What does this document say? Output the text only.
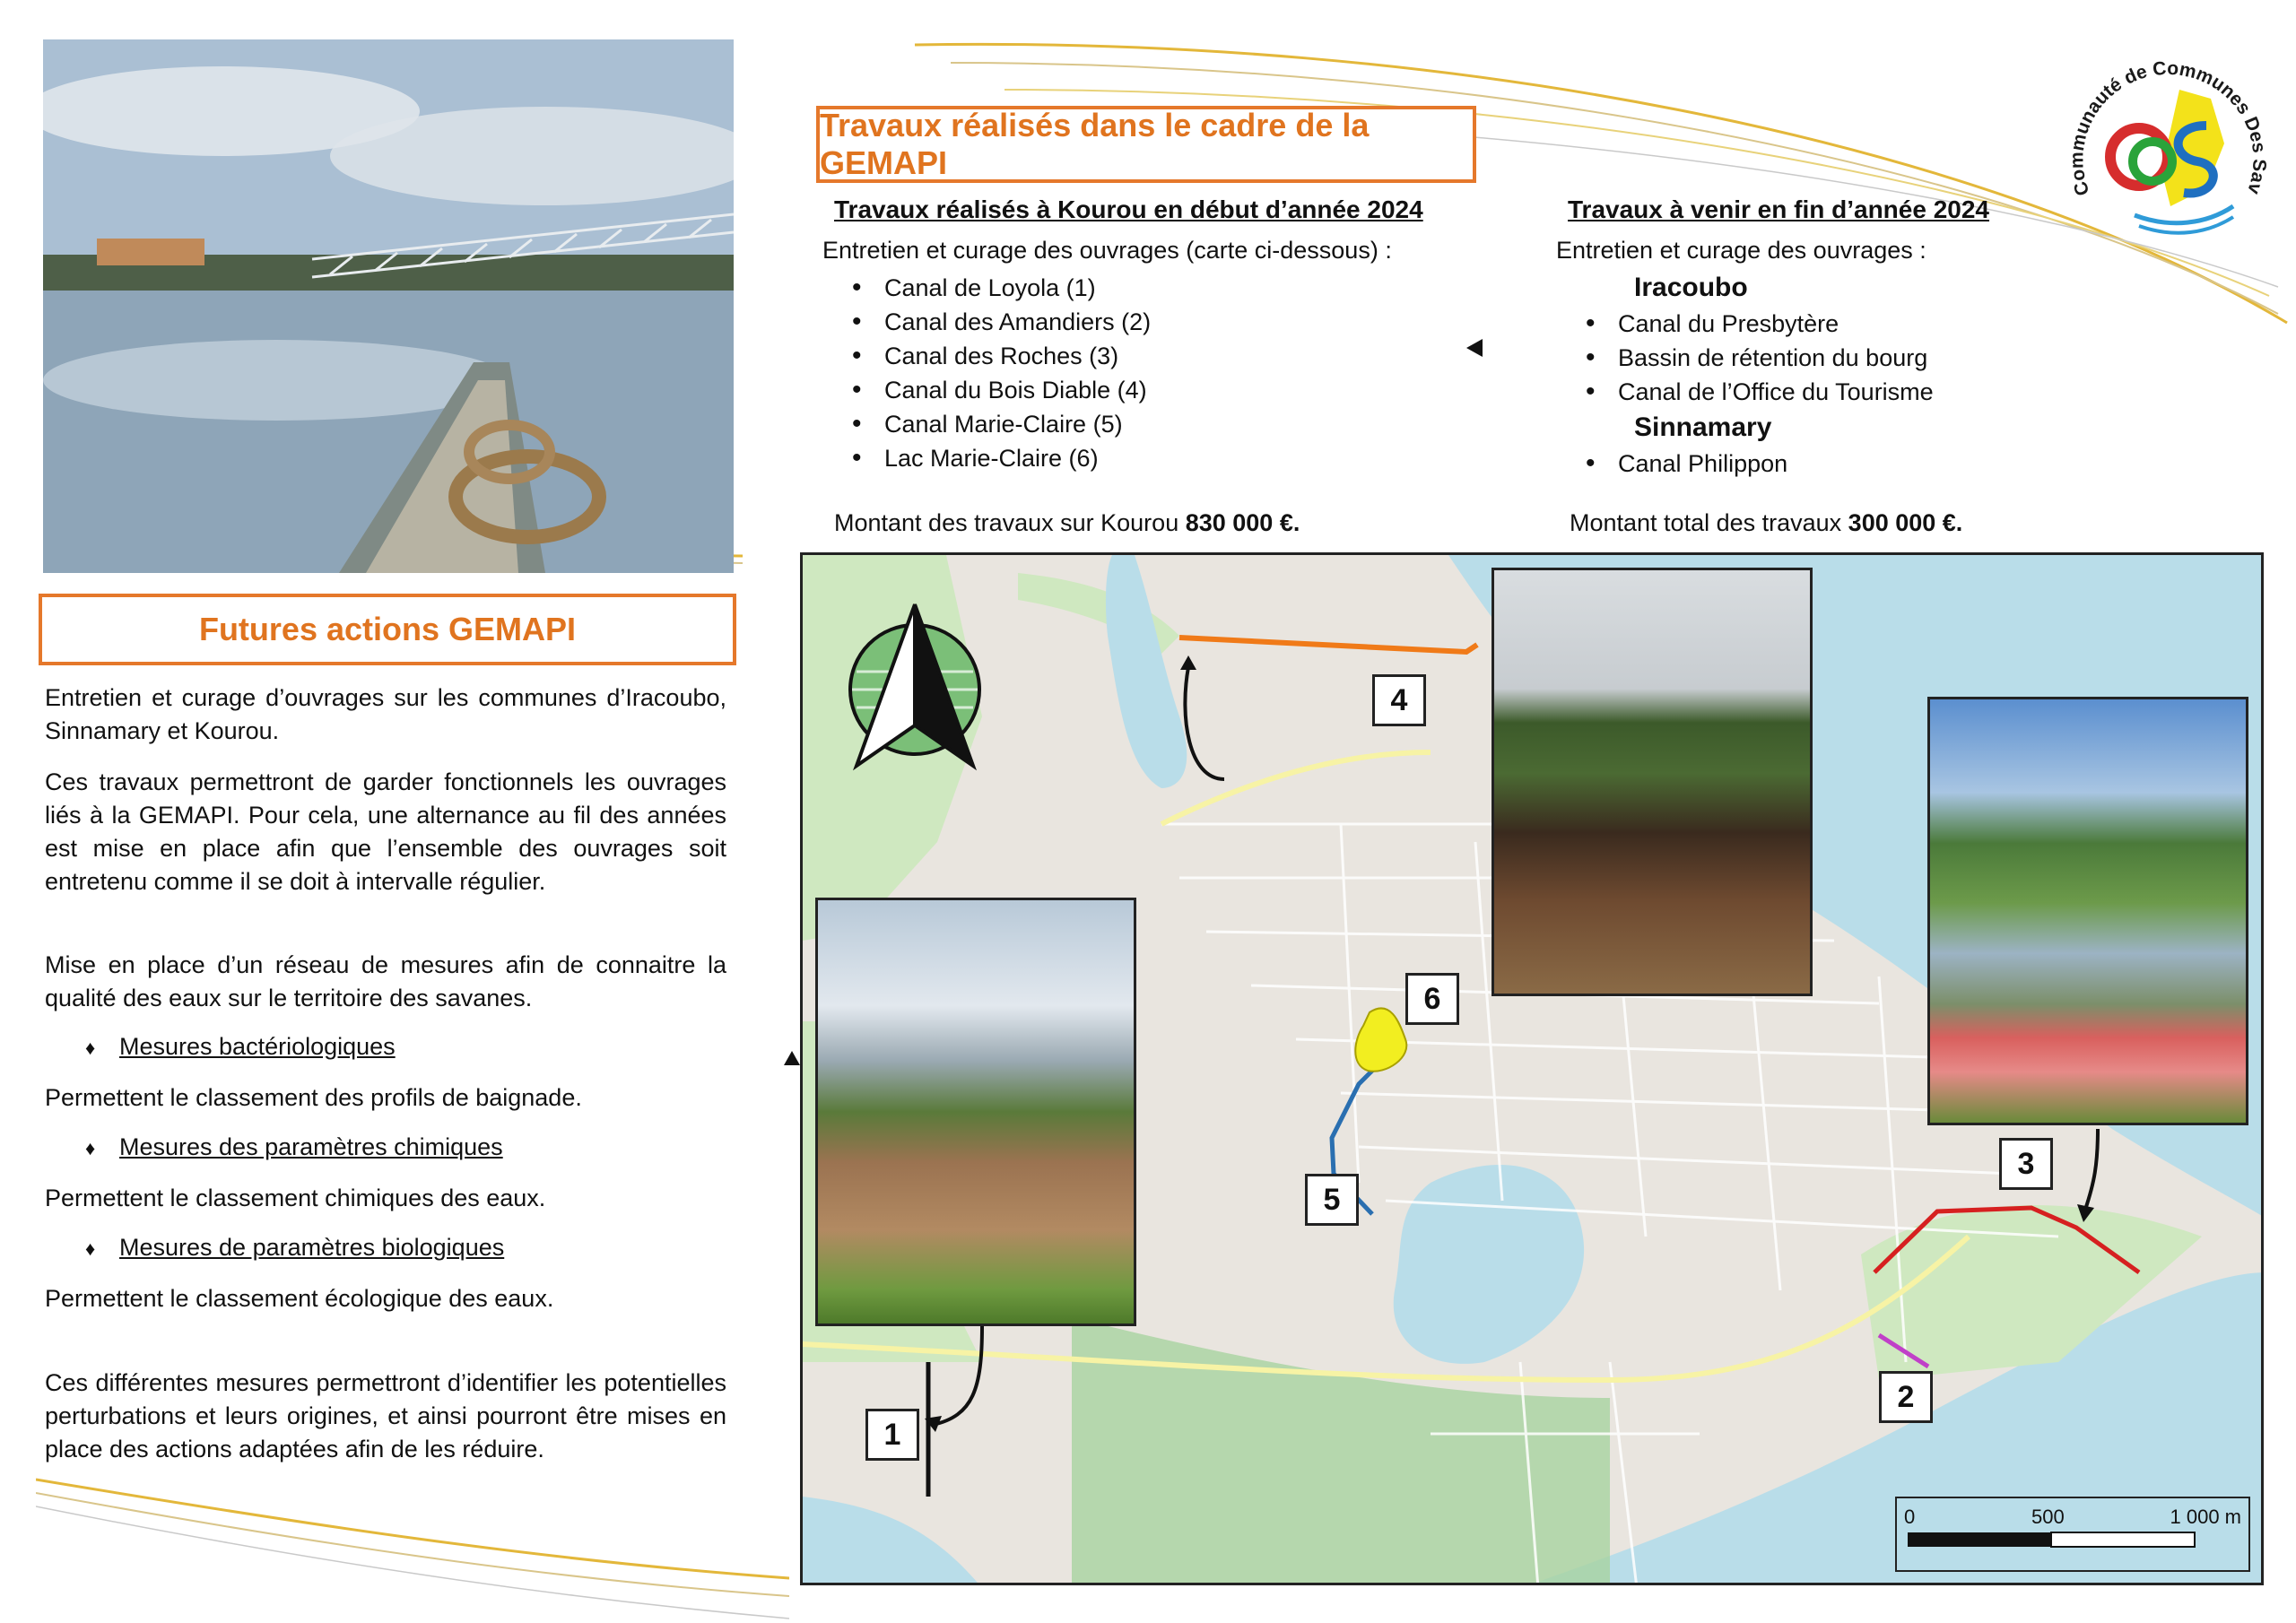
Communauté de Communes Des Sav
Travaux réalisés dans le cadre de la GEMAPI
Futures actions GEMAPI

Entretien et curage d’ouvrages sur les communes d’Iracoubo, Sinnamary et Kourou.

Ces travaux permettront de garder fonctionnels les ouvrages liés à la GEMAPI. Pour cela, une alternance au fil des années est mise en place afin que l’ensemble des ouvrages soit entretenu comme il se doit à intervalle régulier.

Mise en place d’un réseau de mesures afin de connaitre la qualité des eaux sur le territoire des savanes.
♦ Mesures bactériologiques
Permettent le classement des profils de baignade.
♦ Mesures des paramètres chimiques
Permettent le classement chimiques des eaux.
♦ Mesures de paramètres biologiques
Permettent le classement écologique des eaux.
Ces différentes mesures permettront d’identifier les potentielles perturbations et leurs origines, et ainsi pourront être mises en place des actions adaptées afin de les réduire.
Travaux réalisés à Kourou en début d’année 2024
Entretien et curage des ouvrages (carte ci-dessous) :
• Canal de Loyola (1)
• Canal des Amandiers (2)
• Canal des Roches (3)
• Canal du Bois Diable (4)
• Canal Marie-Claire (5)
• Lac Marie-Claire (6)
Montant des travaux sur Kourou 830 000 €.
Travaux à venir en fin d’année 2024
Entretien et curage des ouvrages :
Iracoubo
• Canal du Presbytère
• Bassin de rétention du bourg
• Canal de l’Office du Tourisme
Sinnamary
• Canal Philippon
Montant total des travaux 300 000 €.
1
2
3
4
5
6
0	500	1 000 m
